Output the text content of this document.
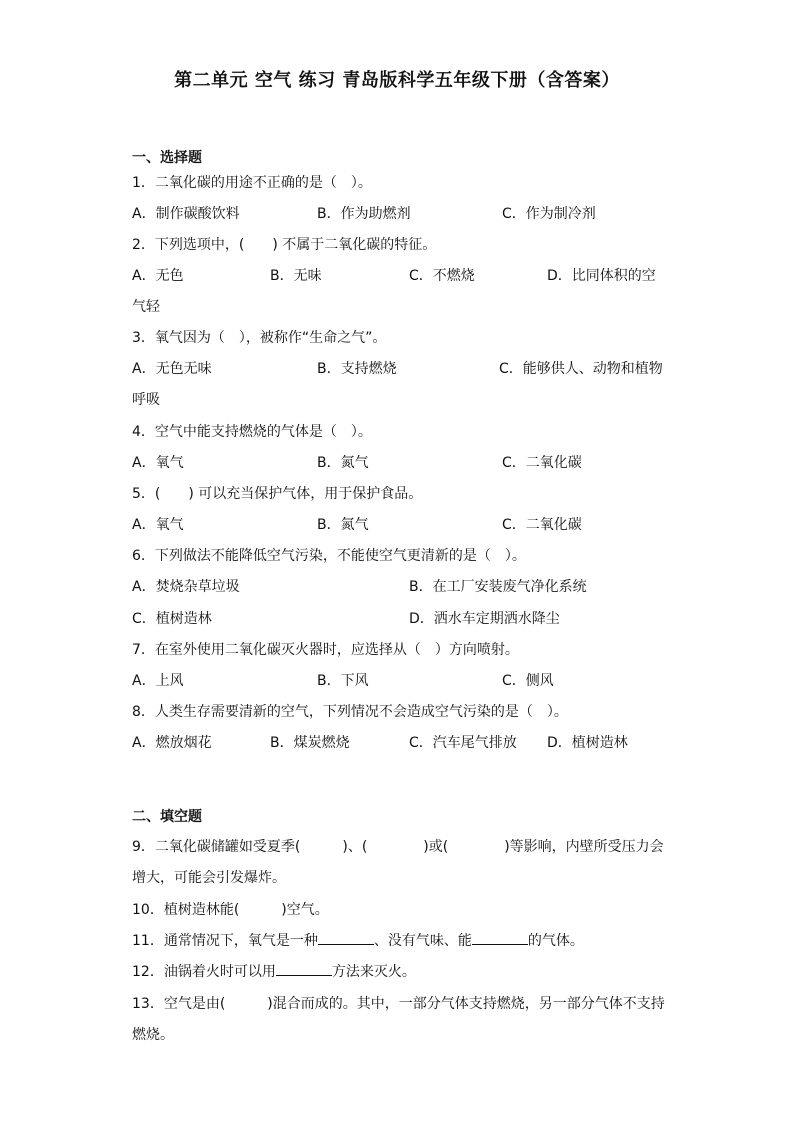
第二单元 空气 练习 青岛版科学五年级下册（含答案）
一、选择题
1．二氧化碳的用途不正确的是（　）。
A．制作碳酸饮料	B．作为助燃剂	C．作为制冷剂
2．下列选项中，(　　) 不属于二氧化碳的特征。
A．无色	B．无味	C．不燃烧	D．比同体积的空
气轻
3．氧气因为（　），被称作“生命之气”。
A．无色无味	B．支持燃烧	C．能够供人、动物和植物
呼吸
4．空气中能支持燃烧的气体是（　）。
A．氧气	B．氮气	C．二氧化碳
5．(　　) 可以充当保护气体，用于保护食品。
A．氧气	B．氮气	C．二氧化碳
6．下列做法不能降低空气污染，不能使空气更清新的是（　）。
A．焚烧杂草垃圾	B．在工厂安装废气净化系统
C．植树造林	D．洒水车定期洒水降尘
7．在室外使用二氧化碳灭火器时，应选择从（　）方向喷射。
A．上风	B．下风	C．侧风
8．人类生存需要清新的空气，下列情况不会造成空气污染的是（　）。
A．燃放烟花	B．煤炭燃烧	C．汽车尾气排放 D．植树造林
二、填空题
9．二氧化碳储罐如受夏季(　　　)、(　　　　)或(　　　　)等影响，内壁所受压力会
增大，可能会引发爆炸。
10．植树造林能(　　　)空气。
11．通常情况下，氧气是一种	、没有气味、能	的气体。
12．油锅着火时可以用	方法来灭火。
13．空气是由(　　　)混合而成的。其中，一部分气体支持燃烧，另一部分气体不支持
燃烧。
